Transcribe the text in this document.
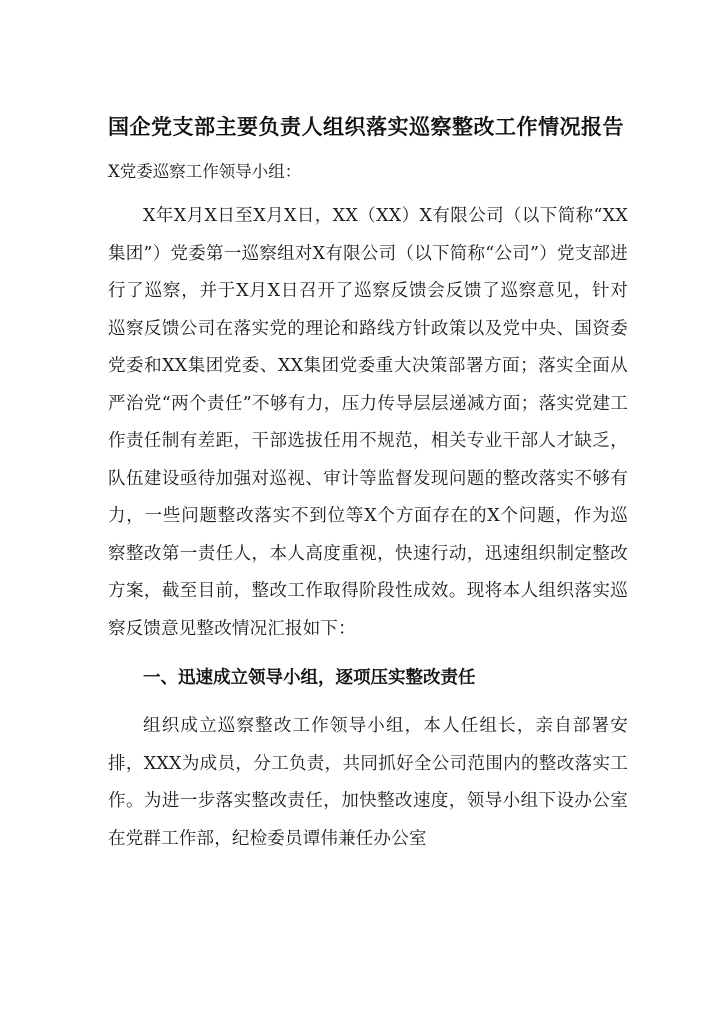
国企党支部主要负责人组织落实巡察整改工作情况报告

X党委巡察工作领导小组：

X年X月X日至X月X日，XX（XX）X有限公司（以下简称“XX集团”）党委第一巡察组对X有限公司（以下简称“公司”）党支部进行了巡察，并于X月X日召开了巡察反馈会反馈了巡察意见，针对巡察反馈公司在落实党的理论和路线方针政策以及党中央、国资委党委和XX集团党委、XX集团党委重大决策部署方面；落实全面从严治党“两个责任”不够有力，压力传导层层递减方面；落实党建工作责任制有差距，干部选拔任用不规范，相关专业干部人才缺乏，队伍建设亟待加强对巡视、审计等监督发现问题的整改落实不够有力，一些问题整改落实不到位等X个方面存在的X个问题，作为巡察整改第一责任人，本人高度重视，快速行动，迅速组织制定整改方案，截至目前，整改工作取得阶段性成效。现将本人组织落实巡察反馈意见整改情况汇报如下：

一、迅速成立领导小组，逐项压实整改责任

组织成立巡察整改工作领导小组，本人任组长，亲自部署安排，XXX为成员，分工负责，共同抓好全公司范围内的整改落实工作。为进一步落实整改责任，加快整改速度，领导小组下设办公室在党群工作部，纪检委员谭伟兼任办公室
